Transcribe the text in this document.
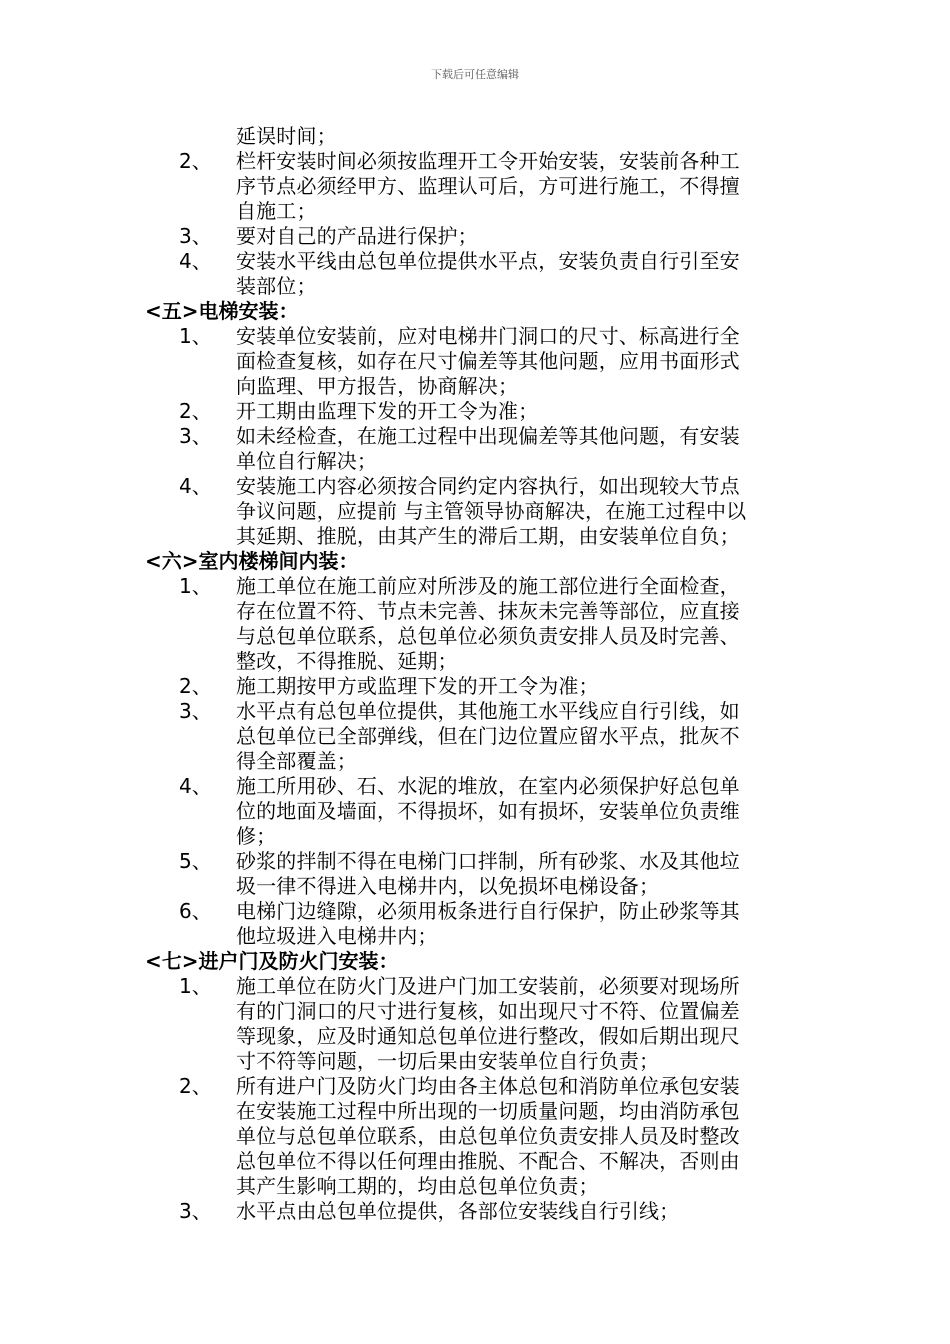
下载后可任意编辑
延误时间；
2、 栏杆安装时间必须按监理开工令开始安装，安装前各种工
序节点必须经甲方、监理认可后，方可进行施工，不得擅
自施工；
3、 要对自己的产品进行保护；
4、 安装水平线由总包单位提供水平点，安装负责自行引至安
装部位；
<五>电梯安装：
1、 安装单位安装前，应对电梯井门洞口的尺寸、标高进行全
面检查复核，如存在尺寸偏差等其他问题，应用书面形式
向监理、甲方报告，协商解决；
2、 开工期由监理下发的开工令为准；
3、 如未经检查，在施工过程中出现偏差等其他问题，有安装
单位自行解决；
4、 安装施工内容必须按合同约定内容执行，如出现较大节点
争议问题，应提前 与主管领导协商解决，在施工过程中以
其延期、推脱，由其产生的滞后工期，由安装单位自负；
<六>室内楼梯间内装：
1、 施工单位在施工前应对所涉及的施工部位进行全面检查，
存在位置不符、节点未完善、抹灰未完善等部位，应直接
与总包单位联系，总包单位必须负责安排人员及时完善、
整改，不得推脱、延期；
2、 施工期按甲方或监理下发的开工令为准；
3、 水平点有总包单位提供，其他施工水平线应自行引线，如
总包单位已全部弹线，但在门边位置应留水平点，批灰不
得全部覆盖；
4、 施工所用砂、石、水泥的堆放，在室内必须保护好总包单
位的地面及墙面，不得损坏，如有损坏，安装单位负责维
修；
5、 砂浆的拌制不得在电梯门口拌制，所有砂浆、水及其他垃
圾一律不得进入电梯井内，以免损坏电梯设备；
6、 电梯门边缝隙，必须用板条进行自行保护，防止砂浆等其
他垃圾进入电梯井内；
<七>进户门及防火门安装：
1、 施工单位在防火门及进户门加工安装前，必须要对现场所
有的门洞口的尺寸进行复核，如出现尺寸不符、位置偏差
等现象，应及时通知总包单位进行整改，假如后期出现尺
寸不符等问题，一切后果由安装单位自行负责；
2、 所有进户门及防火门均由各主体总包和消防单位承包安装
在安装施工过程中所出现的一切质量问题，均由消防承包
单位与总包单位联系，由总包单位负责安排人员及时整改
总包单位不得以任何理由推脱、不配合、不解决，否则由
其产生影响工期的，均由总包单位负责；
3、 水平点由总包单位提供，各部位安装线自行引线；
